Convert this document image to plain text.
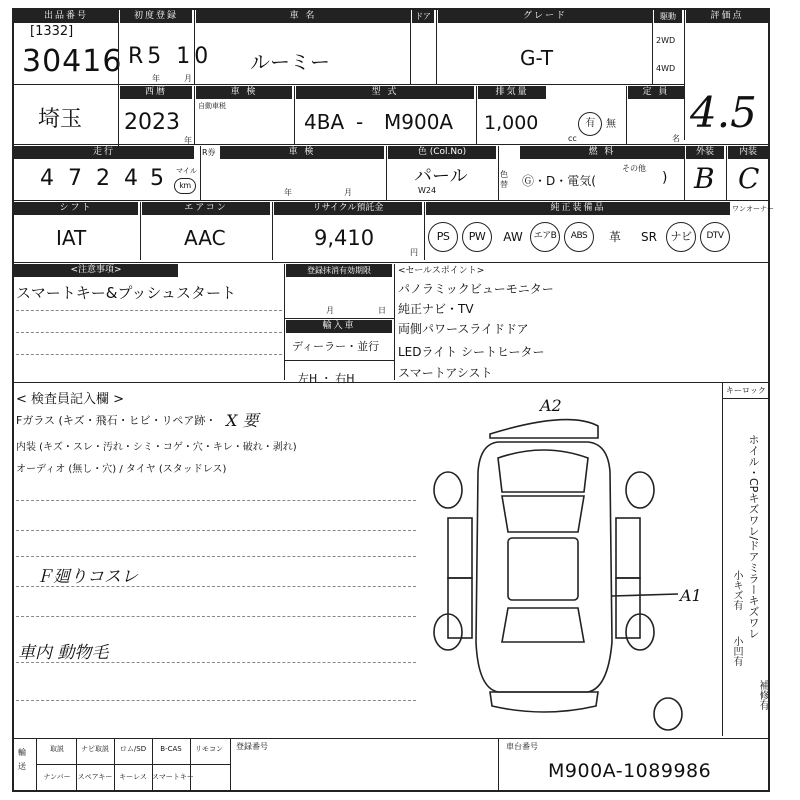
出品番号
[1332]
30416
初度登録
R5 10
年	月
車 名
ルーミー
ドア	グレード
G-T
駆動
2WD
4WD
評価点
4.5
埼玉
西暦
2023
年
車 検
自動車税
型 式
4BA - M900A
排気量
1,000
cc
有	無
定 員
名
走行
4 7 2 4 5 マイル
km
R券	車 検
年	月
色 (Col.No)
パール
W24
色替
燃 料
Ⓖ・D・電気(
その他
)
外装
B
内装
C
シフト
IAT
エアコン
AAC
リサイクル預託金
9,410
円
純正装備品	ワンオーナー
PS	PW	AW	エアB	ABS	革	SR	ナビ	DTV
<注意事項>
スマートキー&プッシュスタート
登録抹消有効期限
月	日
輸入車
ディーラー・並行
左H ・ 右H
<セールスポイント>
パノラミックビューモニター
純正ナビ・TV
両側パワースライドドア
LEDライト シートヒーター
スマートアシスト
< 検査員記入欄 >
Fガラス (キズ・飛石・ヒビ・リペア跡・ X 要
内装 (キズ・スレ・汚れ・シミ・コゲ・穴・キレ・破れ・剥れ)
オーディオ (無し・穴) / タイヤ (スタッドレス)
Ｆ廻りコスレ
車内 動物毛
A2
A1
キーロック
ホイル・CPキズワレ/ドアミラーキズワレ
小キズ有
小凹有
補修有
輸送
取説	ナビ取説	ロム/SD	B-CAS	リモコン
ナンバー	スペアキー キーレス スマートキー
登録番号	車台番号
M900A-1089986
